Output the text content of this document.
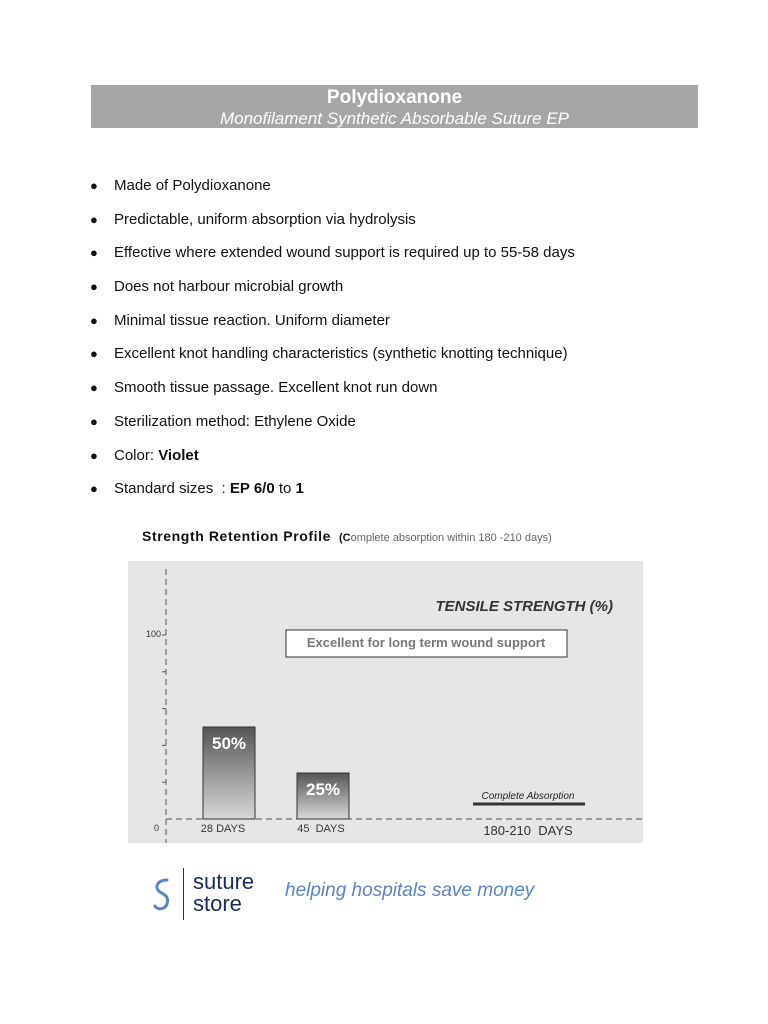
Polydioxanone
Monofilament Synthetic Absorbable Suture EP
● Made of Polydioxanone
● Predictable, uniform absorption via hydrolysis
● Effective where extended wound support is required up to 55-58 days
● Does not harbour microbial growth
● Minimal tissue reaction. Uniform diameter
● Excellent knot handling characteristics (synthetic knotting technique)
● Smooth tissue passage. Excellent knot run down
● Sterilization method: Ethylene Oxide
● Color: Violet
● Standard sizes  : EP 6/0 to 1
Strength Retention Profile (Complete absorption within 180 -210 days)
100
0
TENSILE STRENGTH (%)
Excellent for long term wound support
50%
25%
28 DAYS	45  DAYS	180-210  DAYS
Complete Absorption
suture
store
helping hospitals save money
